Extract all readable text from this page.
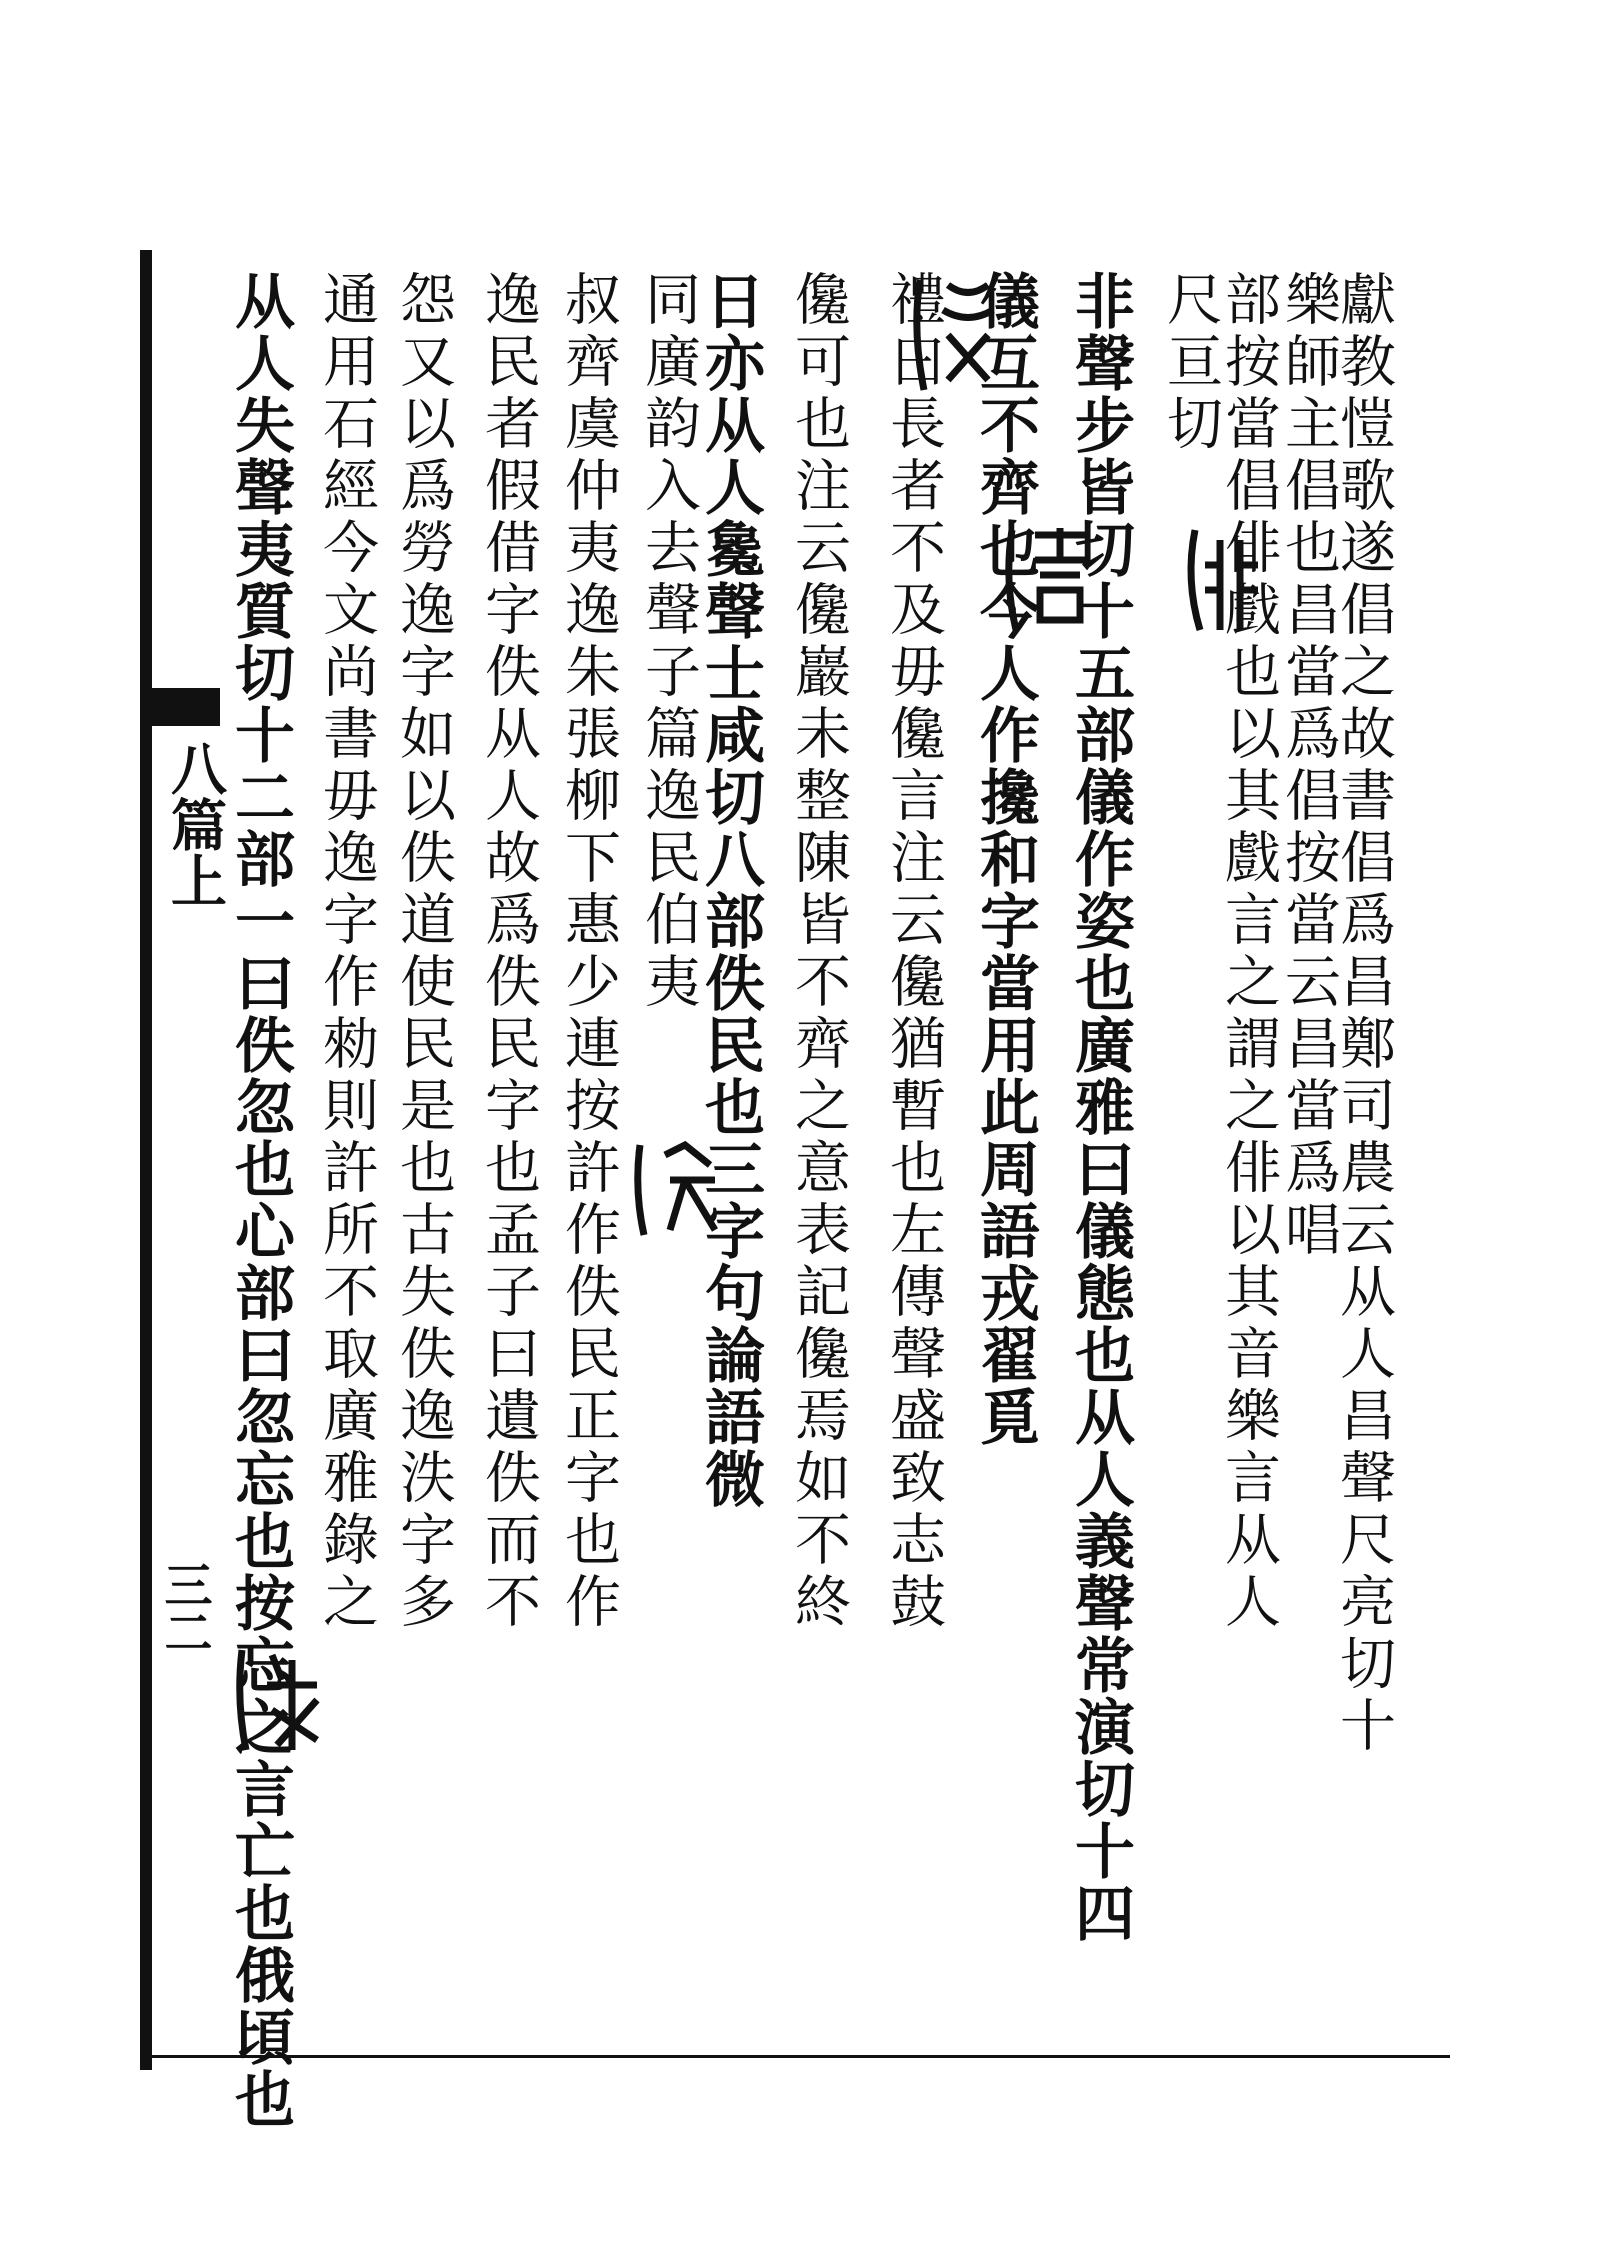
八篇上
三二	獻教愷歌遂倡之故書倡爲昌鄭司農云从人昌聲尺亮切十
樂師主倡也昌當爲倡按當云昌當爲唱
部按當倡俳戲也以其戲言之謂之俳以其音樂言从人
尺亘切
非聲步皆切十五部儀作姿也廣雅曰儀態也从人義聲常演切十四
儀互不齊也今人作攙和字當用此周語戎翟覓
禮曰長者不及毋儳言注云儳猶暫也左傳聲盛致志鼓
儳可也注云儳巖未整陳皆不齊之意表記儳焉如不終
日亦从人毚聲士咸切八部佚民也三字句論語微
同廣韵入去聲子篇逸民伯夷
叔齊虞仲夷逸朱張柳下惠少連按許作佚民正字也作
逸民者假借字佚从人故爲佚民字也孟子曰遺佚而不
怨又以爲勞逸字如以佚道使民是也古失佚逸泆字多
通用石經今文尚書毋逸字作勑則許所不取廣雅錄之
从人失聲夷質切十二部一曰佚忽也心部曰忽忘也按忘之言亡也俄頃也
